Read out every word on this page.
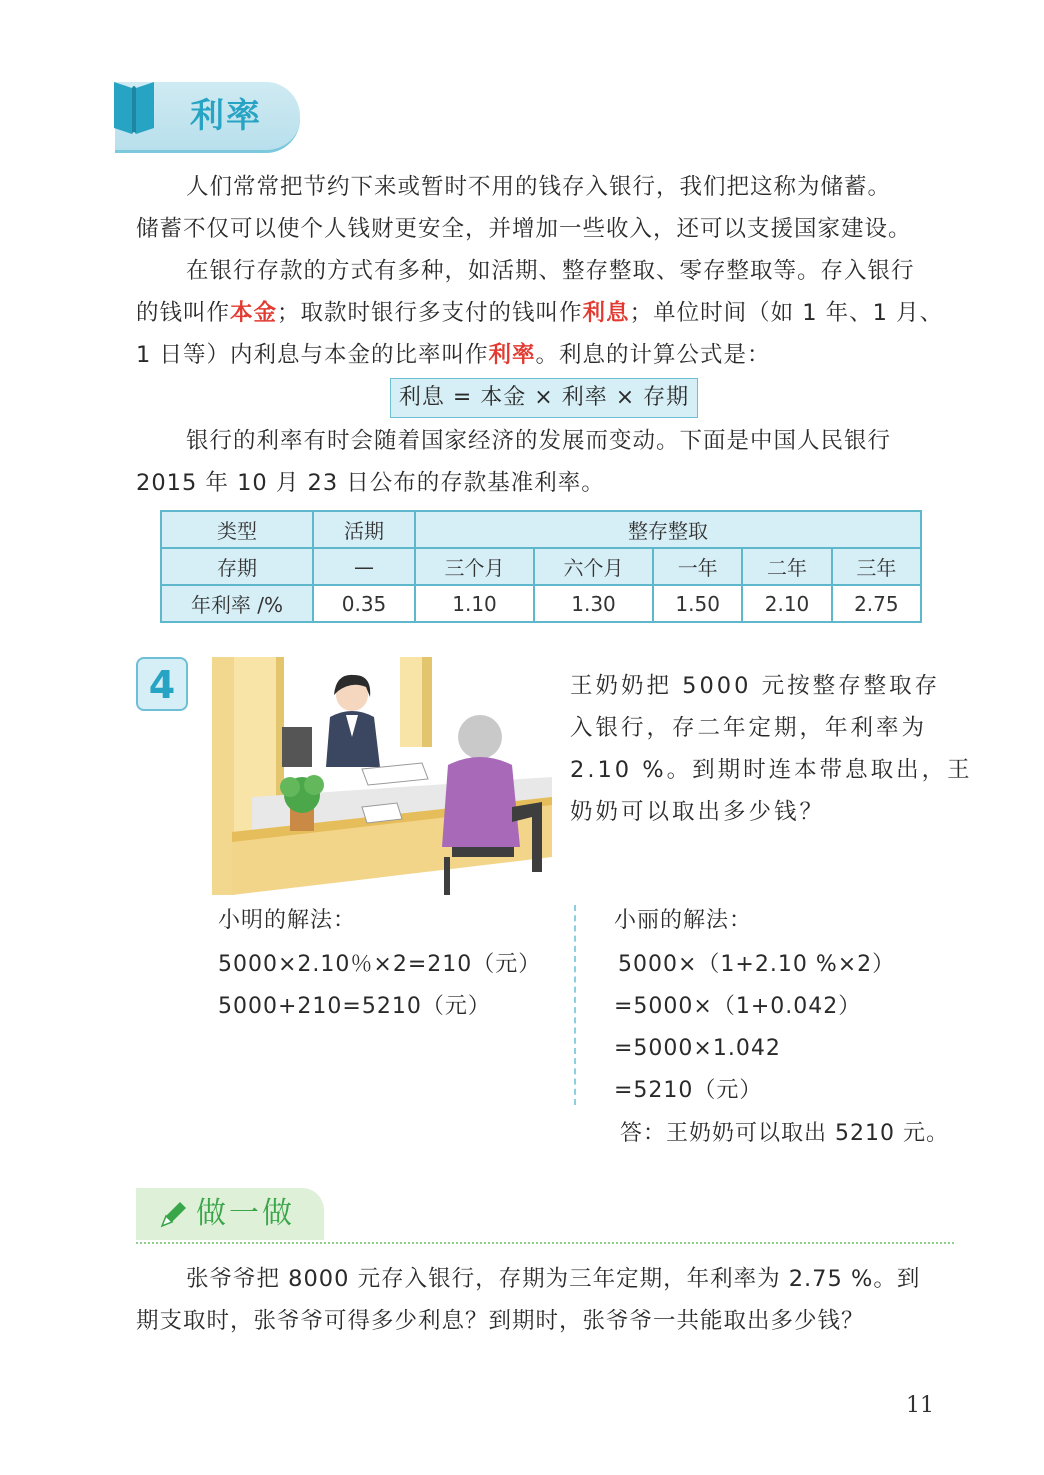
利率
人们常常把节约下来或暂时不用的钱存入银行，我们把这称为储蓄。
储蓄不仅可以使个人钱财更安全，并增加一些收入，还可以支援国家建设。
在银行存款的方式有多种，如活期、整存整取、零存整取等。存入银行
的钱叫作本金；取款时银行多支付的钱叫作利息；单位时间（如 1 年、1 月、
1 日等）内利息与本金的比率叫作利率。利息的计算公式是：
利息 = 本金 × 利率 × 存期
银行的利率有时会随着国家经济的发展而变动。下面是中国人民银行
2015 年 10 月 23 日公布的存款基准利率。
类型	活期	整存整取				
存期	—	三个月	六个月	一年	二年	三年
年利率 /%	0.35	1.10	1.30	1.50	2.10	2.75
4	王奶奶把 5000 元按整存整取存
入银行，存二年定期，年利率为
2.10 %。到期时连本带息取出，王
奶奶可以取出多少钱？
小明的解法：
5000×2.10％×2=210（元）
5000+210=5210（元）
小丽的解法：
5000×（1+2.10 %×2）
=5000×（1+0.042）
=5000×1.042
=5210（元）
答：王奶奶可以取出 5210 元。
做一做
张爷爷把 8000 元存入银行，存期为三年定期，年利率为 2.75 %。到
期支取时，张爷爷可得多少利息？到期时，张爷爷一共能取出多少钱？
11
